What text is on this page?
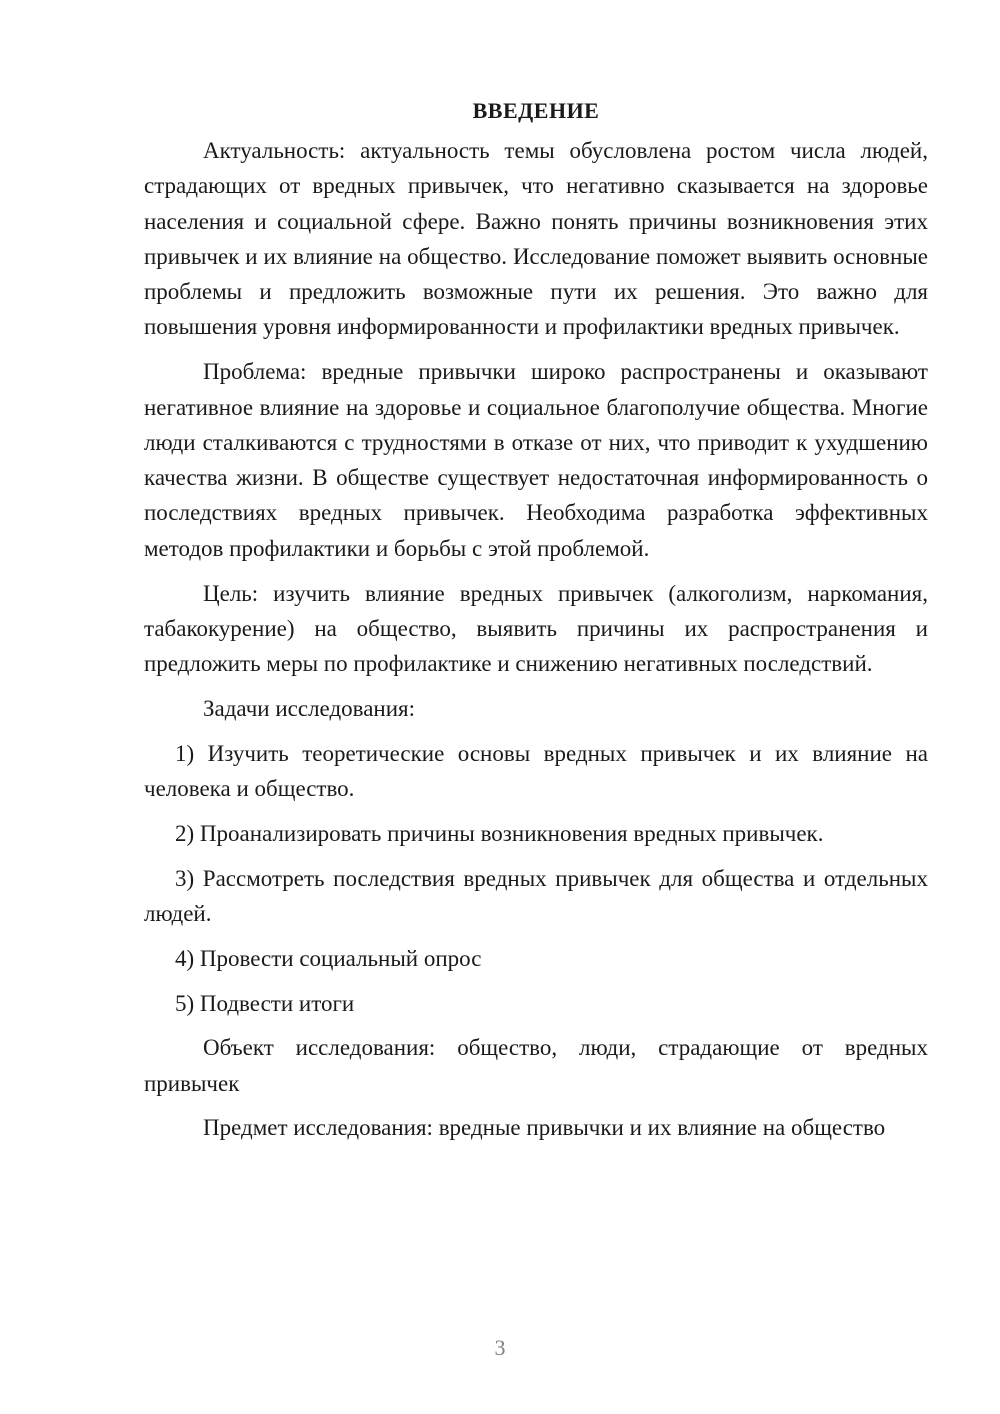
ВВЕДЕНИЕ

Актуальность: актуальность темы обусловлена ростом числа людей, страдающих от вредных привычек, что негативно сказывается на здоровье населения и социальной сфере. Важно понять причины возникновения этих привычек и их влияние на общество. Исследование поможет выявить основные проблемы и предложить возможные пути их решения. Это важно для повышения уровня информированности и профилактики вредных привычек.

Проблема: вредные привычки широко распространены и оказывают негативное влияние на здоровье и социальное благополучие общества. Многие люди сталкиваются с трудностями в отказе от них, что приводит к ухудшению качества жизни. В обществе существует недостаточная информированность о последствиях вредных привычек. Необходима разработка эффективных методов профилактики и борьбы с этой проблемой.

Цель: изучить влияние вредных привычек (алкоголизм, наркомания, табакокурение) на общество, выявить причины их распространения и предложить меры по профилактике и снижению негативных последствий.

Задачи исследования:

1) Изучить теоретические основы вредных привычек и их влияние на человека и общество.

2) Проанализировать причины возникновения вредных привычек.

3) Рассмотреть последствия вредных привычек для общества и отдельных людей.

4) Провести социальный опрос

5) Подвести итоги

Объект исследования: общество, люди, страдающие от вредных привычек

Предмет исследования: вредные привычки и их влияние на общество

3
